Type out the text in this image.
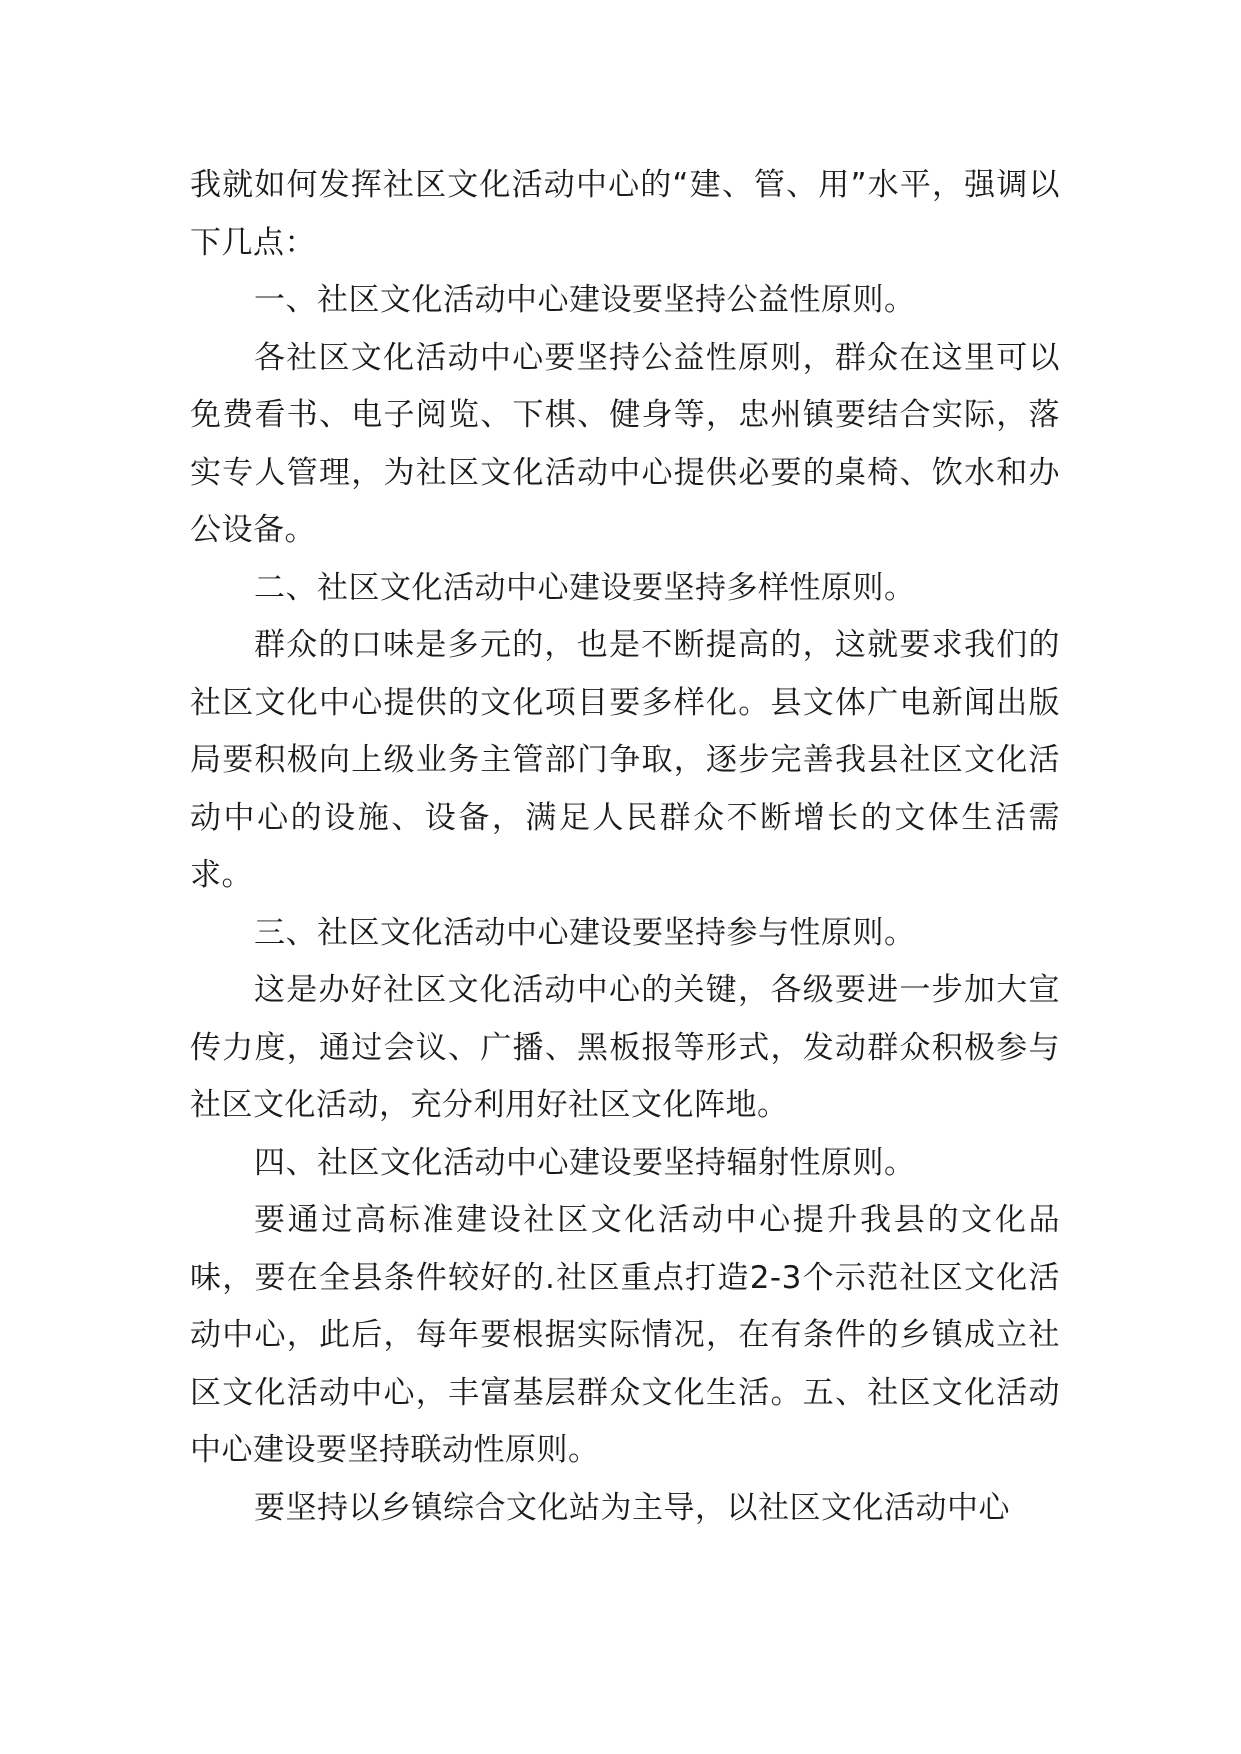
我就如何发挥社区文化活动中心的“建、管、用”水平，强调以下几点：

一、社区文化活动中心建设要坚持公益性原则。

各社区文化活动中心要坚持公益性原则，群众在这里可以免费看书、电子阅览、下棋、健身等，忠州镇要结合实际，落实专人管理，为社区文化活动中心提供必要的桌椅、饮水和办公设备。

二、社区文化活动中心建设要坚持多样性原则。

群众的口味是多元的，也是不断提高的，这就要求我们的社区文化中心提供的文化项目要多样化。县文体广电新闻出版局要积极向上级业务主管部门争取，逐步完善我县社区文化活动中心的设施、设备，满足人民群众不断增长的文体生活需求。

三、社区文化活动中心建设要坚持参与性原则。

这是办好社区文化活动中心的关键，各级要进一步加大宣传力度，通过会议、广播、黑板报等形式，发动群众积极参与社区文化活动，充分利用好社区文化阵地。

四、社区文化活动中心建设要坚持辐射性原则。

要通过高标准建设社区文化活动中心提升我县的文化品味，要在全县条件较好的.社区重点打造2-3个示范社区文化活动中心，此后，每年要根据实际情况，在有条件的乡镇成立社区文化活动中心，丰富基层群众文化生活。五、社区文化活动中心建设要坚持联动性原则。

要坚持以乡镇综合文化站为主导，以社区文化活动中心
